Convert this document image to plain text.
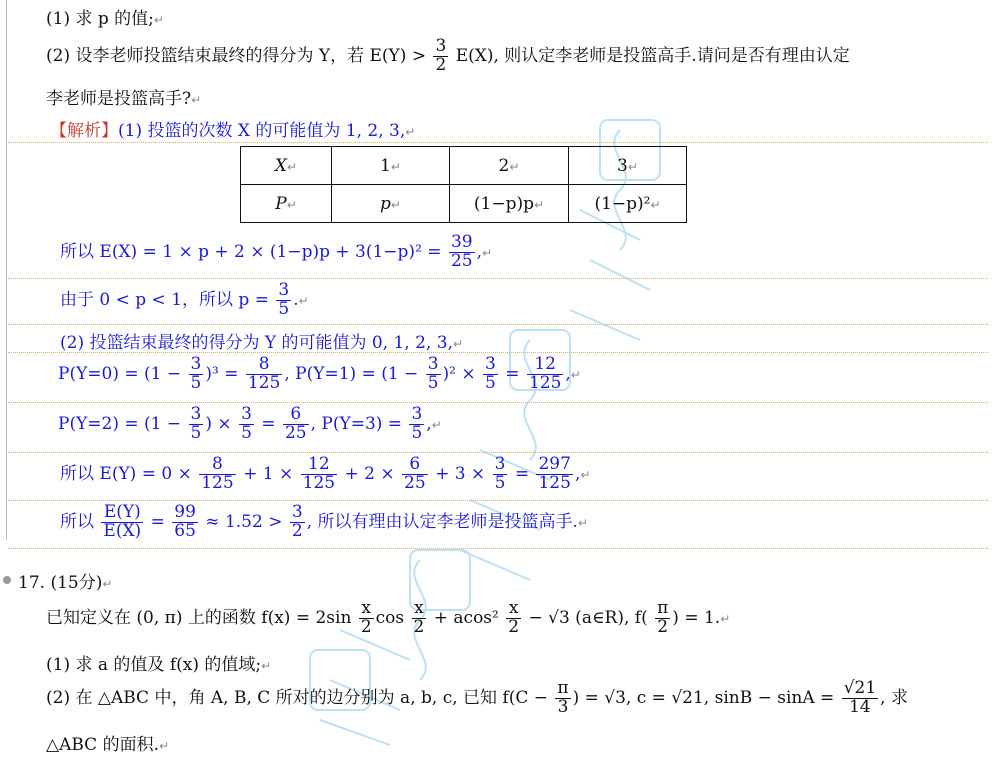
(1) 求 p 的值;↵
(2) 设李老师投篮结束最终的得分为 Y，若 $E(Y) > \frac{3}{2} E(X)$, 则认定李老师是投篮高手.请问是否有理由认定
李老师是投篮高手?↵
【解析】(1) 投篮的次数 X 的可能值为 1, 2, 3,↵
X↵	1↵	2↵	3↵
P↵	p↵	(1−p)p↵	(1−p)²↵
所以 $E(X) = 1 \times p + 2 \times (1-p)p + 3(1-p)^2 = \frac{39}{25}$ ,↵
由于 0 < p < 1，所以 $p = \frac{3}{5}$ .↵
(2) 投篮结束最终的得分为 Y 的可能值为 0, 1, 2, 3,↵
$P(Y=0) = (1 - \frac{3}{5} )^3 = \frac{8}{125}$ , $P(Y=1) = (1 - \frac{3}{5} )^2 \times \frac{3}{5} = \frac{12}{125}$ ,↵
$P(Y=2) = (1 - \frac{3}{5}$ ) × $\frac{3}{5} = \frac{6}{25}$ , $P(Y=3) = \frac{3}{5}$ ,↵
所以 $E(Y) = 0 \times \frac{8}{125} + 1 \times \frac{12}{125} + 2 \times \frac{6}{25} + 3 \times \frac{3}{5} = \frac{297}{125}$ ,↵
所以 $\frac{E(Y)}{E(X)} = \frac{99}{65} \approx 1.52 > \frac{3}{2}$ , 所以有理由认定李老师是投篮高手.↵
17. (15分)↵
已知定义在 (0, π) 上的函数 $f(x) = 2\sin \frac{x}{2}$ $\cos \frac{x}{2} + acos^2 \frac{x}{2} - √3$ (a∈R), $f( \frac{\pi}{2}$ ) = 1.↵
(1) 求 a 的值及 f(x) 的值域;↵
(2) 在 △ABC 中，角 A, B, C 所对的边分别为 a, b, c, 已知 $f(C - \frac{\pi}{3}$ ) = √3, c = √21, $\sin B - \sin A = \frac{√21}{14}$ , 求
△ABC 的面积.↵
